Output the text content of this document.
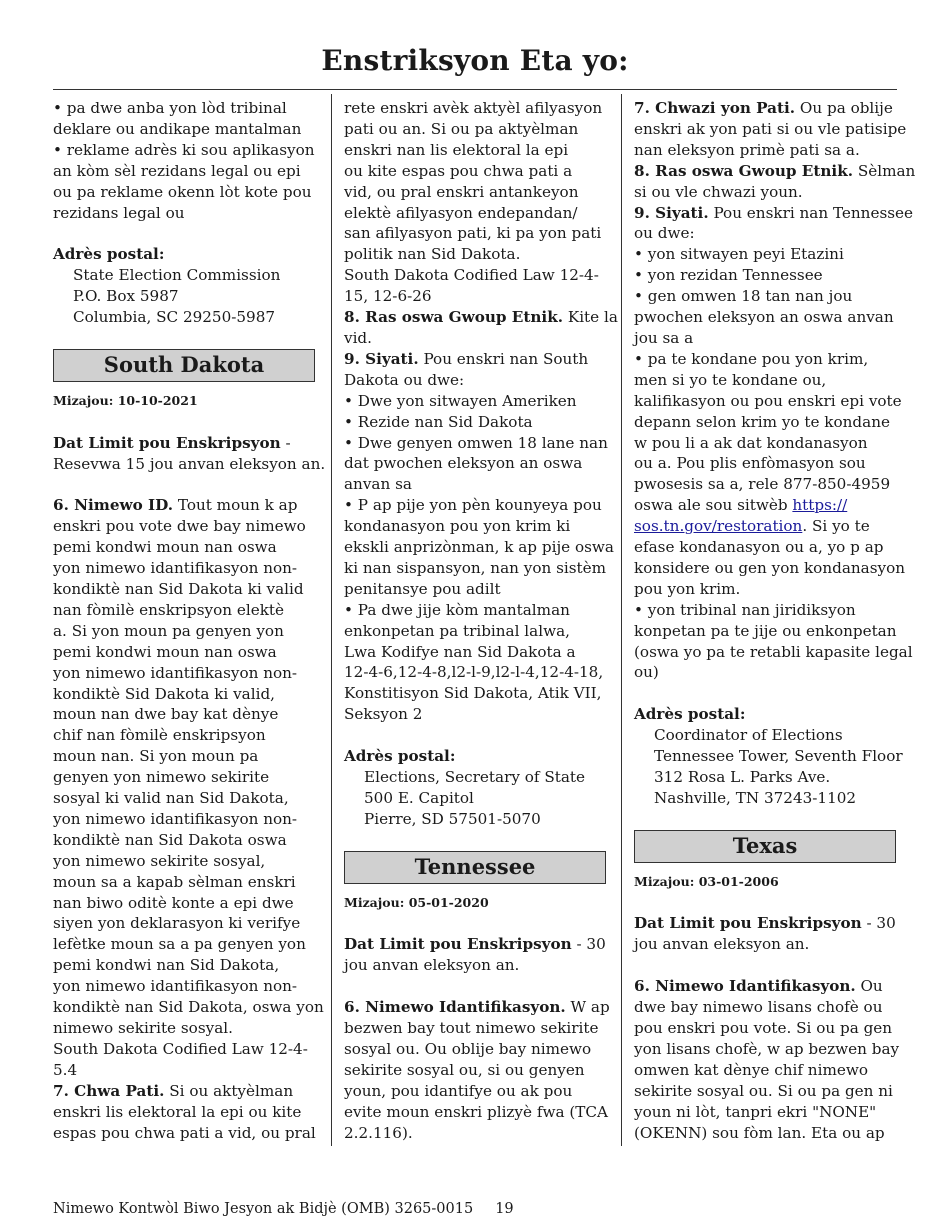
Enstriksyon Eta yo:
• pa dwe anba yon lòd tribinal
deklare ou andikape mantalman
• reklame adrès ki sou aplikasyon
an kòm sèl rezidans legal ou epi
ou pa reklame okenn lòt kote pou
rezidans legal ou
Adrès postal:
State Election Commission
P.O. Box 5987
Columbia, SC 29250-5987
South Dakota
Mizajou: 10-10-2021
Dat Limit pou Enskripsyon -
Resevwa 15 jou anvan eleksyon an.
6. Nimewo ID. Tout moun k ap
enskri pou vote dwe bay nimewo
pemi kondwi moun nan oswa
yon nimewo idantifikasyon non-
kondiktè nan Sid Dakota ki valid
nan fòmilè enskripsyon elektè
a. Si yon moun pa genyen yon
pemi kondwi moun nan oswa
yon nimewo idantifikasyon non-
kondiktè Sid Dakota ki valid,
moun nan dwe bay kat dènye
chif nan fòmilè enskripsyon
moun nan. Si yon moun pa
genyen yon nimewo sekirite
sosyal ki valid nan Sid Dakota,
yon nimewo idantifikasyon non-
kondiktè nan Sid Dakota oswa
yon nimewo sekirite sosyal,
moun sa a kapab sèlman enskri
nan biwo oditè konte a epi dwe
siyen yon deklarasyon ki verifye
lefètke moun sa a pa genyen yon
pemi kondwi nan Sid Dakota,
yon nimewo idantifikasyon non-
kondiktè nan Sid Dakota, oswa yon
nimewo sekirite sosyal.
South Dakota Codified Law 12-4-
5.4
7. Chwa Pati. Si ou aktyèlman
enskri lis elektoral la epi ou kite
espas pou chwa pati a vid, ou pral
rete enskri avèk aktyèl afilyasyon
pati ou an. Si ou pa aktyèlman
enskri nan lis elektoral la epi
ou kite espas pou chwa pati a
vid, ou pral enskri antankeyon
elektè afilyasyon endepandan/
san afilyasyon pati, ki pa yon pati
politik nan Sid Dakota.
South Dakota Codified Law 12-4-
15, 12-6-26
8. Ras oswa Gwoup Etnik. Kite la
vid.
9. Siyati. Pou enskri nan South
Dakota ou dwe:
• Dwe yon sitwayen Ameriken
• Rezide nan Sid Dakota
• Dwe genyen omwen 18 lane nan
dat pwochen eleksyon an oswa
anvan sa
• P ap pije yon pèn kounyeya pou
kondanasyon pou yon krim ki
ekskli anprizònman, k ap pije oswa
ki nan sispansyon, nan yon sistèm
penitansye pou adilt
• Pa dwe jije kòm mantalman
enkonpetan pa tribinal lalwa,
Lwa Kodifye nan Sid Dakota a
12-4-6,12-4-8,l2-l-9,l2-l-4,12-4-18,
Konstitisyon Sid Dakota, Atik VII,
Seksyon 2
Adrès postal:
Elections, Secretary of State
500 E. Capitol
Pierre, SD 57501-5070
Tennessee
Mizajou: 05-01-2020
Dat Limit pou Enskripsyon - 30
jou anvan eleksyon an.
6. Nimewo Idantifikasyon. W ap
bezwen bay tout nimewo sekirite
sosyal ou. Ou oblije bay nimewo
sekirite sosyal ou, si ou genyen
youn, pou idantifye ou ak pou
evite moun enskri plizyè fwa (TCA
2.2.116).
7. Chwazi yon Pati. Ou pa oblije
enskri ak yon pati si ou vle patisipe
nan eleksyon primè pati sa a.
8. Ras oswa Gwoup Etnik. Sèlman
si ou vle chwazi youn.
9. Siyati. Pou enskri nan Tennessee
ou dwe:
• yon sitwayen peyi Etazini
• yon rezidan Tennessee
• gen omwen 18 tan nan jou
pwochen eleksyon an oswa anvan
jou sa a
• pa te kondane pou yon krim,
men si yo te kondane ou,
kalifikasyon ou pou enskri epi vote
depann selon krim yo te kondane
w pou li a ak dat kondanasyon
ou a. Pou plis enfòmasyon sou
pwosesis sa a, rele 877-850-4959
oswa ale sou sitwèb https://
sos.tn.gov/restoration. Si yo te
efase kondanasyon ou a, yo p ap
konsidere ou gen yon kondanasyon
pou yon krim.
• yon tribinal nan jiridiksyon
konpetan pa te jije ou enkonpetan
(oswa yo pa te retabli kapasite legal
ou)
Adrès postal:
Coordinator of Elections
Tennessee Tower, Seventh Floor
312 Rosa L. Parks Ave.
Nashville, TN 37243-1102
Texas
Mizajou: 03-01-2006
Dat Limit pou Enskripsyon - 30
jou anvan eleksyon an.
6. Nimewo Idantifikasyon. Ou
dwe bay nimewo lisans chofè ou
pou enskri pou vote. Si ou pa gen
yon lisans chofè, w ap bezwen bay
omwen kat dènye chif nimewo
sekirite sosyal ou. Si ou pa gen ni
youn ni lòt, tanpri ekri "NONE"
(OKENN) sou fòm lan. Eta ou ap
Nimewo Kontwòl Biwo Jesyon ak Bidjè (OMB) 3265-0015 19
